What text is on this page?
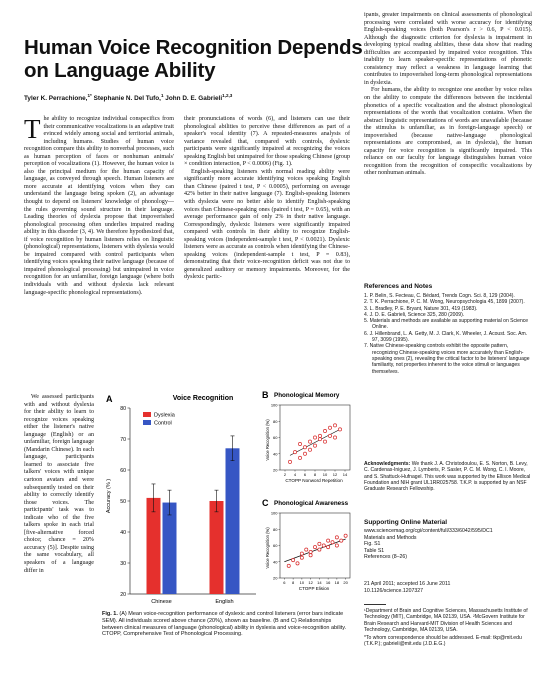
Human Voice Recognition Depends on Language Ability
Tyler K. Perrachione,$^{1*}$ Stephanie N. Del Tufo,$^1$ John D. E. Gabrieli$^{1,2,3}$
T he ability to recognize individual conspecifics from their communicative vocalizations is an adaptive trait evinced widely among social and territorial animals, including humans. Studies of human voice recognition compare this ability to nonverbal processes, such as human perception of faces or nonhuman animals' perception of vocalizations (1). However, the human voice is also the principal medium for the human capacity of language, as conveyed through speech. Human listeners are more accurate at identifying voices when they can understand the language being spoken (2), an advantage thought to depend on listeners' knowledge of phonology—the rules governing sound structure in their language. Leading theories of dyslexia propose that impoverished phonological processing often underlies impaired reading ability in this disorder (3, 4). We therefore hypothesized that, if voice recognition by human listeners relies on linguistic (phonological) representations, listeners with dyslexia would be impaired compared with control participants when identifying voices speaking their native language (because of impaired phonological processing) but unimpaired in voice recognition for an unfamiliar, foreign language (where both individuals with and without dyslexia lack relevant language-specific phonological representations).

We assessed participants with and without dyslexia for their ability to learn to recognize voices speaking either the listener's native language (English) or an unfamiliar, foreign language (Mandarin Chinese). In each language, participants learned to associate five talkers' voices with unique cartoon avatars and were subsequently tested on their ability to correctly identify those voices. The participants' task was to indicate who of the five talkers spoke in each trial [five-alternative forced choice; chance = 20% accuracy (5)]. Despite using the same vocabulary, all speakers of a language differ in

their pronunciations of words (6), and listeners can use their phonological abilities to perceive these differences as part of a speaker's vocal identity (7). A repeated-measures analysis of variance revealed that, compared with controls, dyslexic participants were significantly impaired at recognizing the voices speaking English but unimpaired for those speaking Chinese (group × condition interaction, P < 0.0006) (Fig. 1).

English-speaking listeners with normal reading ability were significantly more accurate identifying voices speaking English than Chinese (paired t test, P < 0.0005), performing on average 42% better in their native language (7). English-speaking listeners with dyslexia were no better able to identify English-speaking voices than Chinese-speaking ones (paired t test, P = 0.65), with an average performance gain of only 2% in their native language. Correspondingly, dyslexic listeners were significantly impaired compared with controls in their ability to recognize English-speaking voices (independent-sample t test, P < 0.0021). Dyslexic listeners were as accurate as controls when identifying the Chinese-speaking voices (independent-sample t test, P = 0.83), demonstrating that their voice-recognition deficit was not due to generalized auditory or memory impairments. Moreover, for the dyslexic partic-

ipants, greater impairments on clinical assessments of phonological processing were correlated with worse accuracy for identifying English-speaking voices (both Pearson's r > 0.6, P < 0.015). Although the diagnostic criterion for dyslexia is impairment in developing typical reading abilities, these data show that reading difficulties are accompanied by impaired voice recognition. This inability to learn speaker-specific representations of phonetic consistency may reflect a weakness in language learning that contributes to impoverished long-term phonological representations in dyslexia.

For humans, the ability to recognize one another by voice relies on the ability to compute the differences between the incidental phonetics of a specific vocalization and the abstract phonological representations of the words that vocalization contains. When the abstract linguistic representations of words are unavailable (because the stimulus is unfamiliar, as in foreign-language speech) or impoverished (because native-language phonological representations are compromised, as in dyslexia), the human capacity for voice recognition is significantly impaired. This reliance on our faculty for language distinguishes human voice recognition from the recognition of conspecific vocalizations by other nonhuman animals.

References and Notes
1. P. Belin, S. Fecteau, C. Bédard, Trends Cogn. Sci. 8, 129 (2004).
2. T. K. Perrachione, P. C. M. Wong, Neuropsychologia 45, 1899 (2007).
3. L. Bradley, P. E. Bryant, Nature 301, 419 (1983).
4. J. D. E. Gabrieli, Science 325, 280 (2009).
5. Materials and methods are available as supporting material on Science Online.
6. J. Hillenbrand, L. A. Getty, M. J. Clark, K. Wheeler, J. Acoust. Soc. Am. 97, 3099 (1995).
7. Native Chinese-speaking controls exhibit the opposite pattern, recognizing Chinese-speaking voices more accurately than English-speaking ones (2), revealing the critical factor to be listeners' language familiarity, not properties inherent to the voice stimuli or languages themselves.
Acknowledgments: We thank J. A. Christodoulou, E. S. Norton, B. Levy, C. Cardenas-Iniguez, J. Lymberis, P. Sasler, P. C. M. Wong, C. I. Moore, and S. Shattuck-Hufnagel. This work was supported by the Ellison Medical Foundation and NIH grant UL1RR025758. T.K.P. is supported by an NSF Graduate Research Fellowship.
Supporting Online Material
www.sciencemag.org/cgi/content/full/333/6042/595/DC1
Materials and Methods
Fig. S1
Table S1
References (8–26)
21 April 2011; accepted 16 June 2011
10.1126/science.1207327

¹Department of Brain and Cognitive Sciences, Massachusetts Institute of Technology (MIT), Cambridge, MA 02139, USA. ²McGovern Institute for Brain Research and Harvard-MIT Division of Health Sciences and Technology, Cambridge, MA 02139, USA.

*To whom correspondence should be addressed. E-mail: tkp@mit.edu (T.K.P.); gabrieli@mit.edu (J.D.E.G.)

A	Voice Recognition
Accuracy (% )
20
30
40
50
60
70
80
Chinese	English
Dyslexia
Control
B Phonological Memory
Voice Recognition (%)
CTOPP Nonword Repetition
20
40
60
80
100
2 4 6 8 10 12 14
C Phonological Awareness
Voice Recognition (%)
CTOPP Elision
20
40
60
80
100
6 8 10 12 14 16 18 20
Fig. 1. (A) Mean voice-recognition performance of dyslexic and control listeners (error bars indicate SEM). All individuals scored above chance (20%), shown as baseline. (B and C) Relationships between clinical measures of language (phonological) ability in dyslexia and voice-recognition ability. CTOPP, Comprehensive Test of Phonological Processing.
